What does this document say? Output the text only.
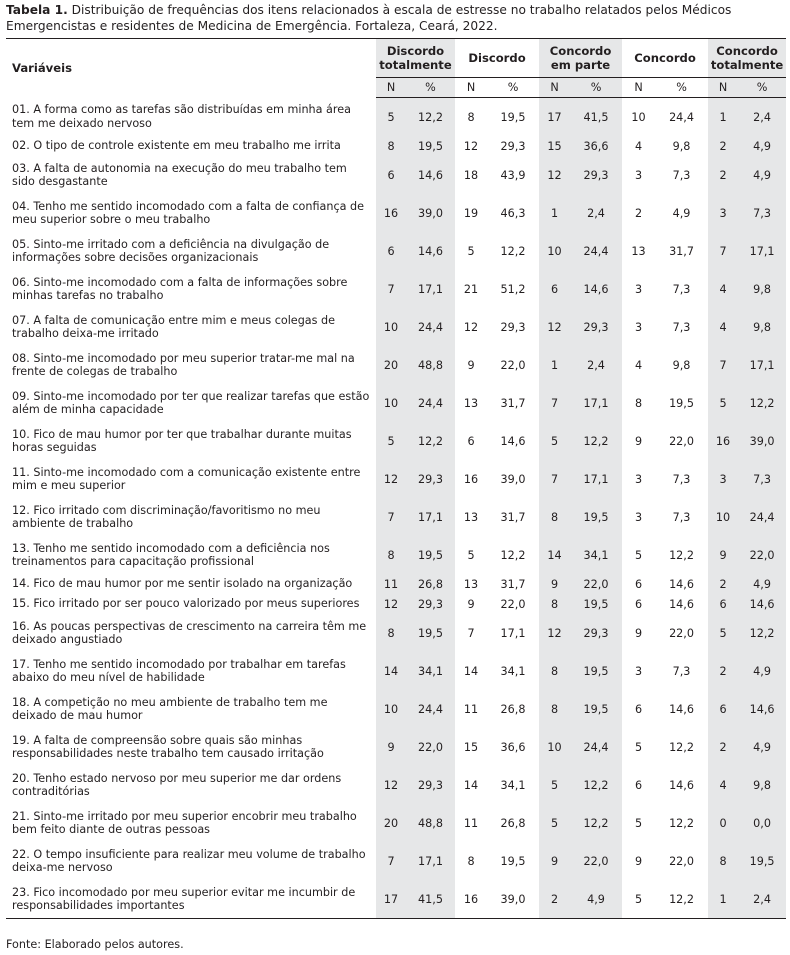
Tabela 1. Distribuição de frequências dos itens relacionados à escala de estresse no trabalho relatados pelos Médicos Emergencistas e residentes de Medicina de Emergência. Fortaleza, Ceará, 2022.
Variáveis	Discordo totalmente		Discordo		Concordo em parte		Concordo		Concordo totalmente	
	N	%	N	%	N	%	N	%	N	%
01. A forma como as tarefas são distribuídas em minha área tem me deixado nervoso	5	12,2	8	19,5	17	41,5	10	24,4	1	2,4
02. O tipo de controle existente em meu trabalho me irrita	8	19,5	12	29,3	15	36,6	4	9,8	2	4,9
03. A falta de autonomia na execução do meu trabalho tem sido desgastante	6	14,6	18	43,9	12	29,3	3	7,3	2	4,9
04. Tenho me sentido incomodado com a falta de confiança de meu superior sobre o meu trabalho	16	39,0	19	46,3	1	2,4	2	4,9	3	7,3
05. Sinto-me irritado com a deficiência na divulgação de informações sobre decisões organizacionais	6	14,6	5	12,2	10	24,4	13	31,7	7	17,1
06. Sinto-me incomodado com a falta de informações sobre minhas tarefas no trabalho	7	17,1	21	51,2	6	14,6	3	7,3	4	9,8
07. A falta de comunicação entre mim e meus colegas de trabalho deixa-me irritado	10	24,4	12	29,3	12	29,3	3	7,3	4	9,8
08. Sinto-me incomodado por meu superior tratar-me mal na frente de colegas de trabalho	20	48,8	9	22,0	1	2,4	4	9,8	7	17,1
09. Sinto-me incomodado por ter que realizar tarefas que estão além de minha capacidade	10	24,4	13	31,7	7	17,1	8	19,5	5	12,2
10. Fico de mau humor por ter que trabalhar durante muitas horas seguidas	5	12,2	6	14,6	5	12,2	9	22,0	16	39,0
11. Sinto-me incomodado com a comunicação existente entre mim e meu superior	12	29,3	16	39,0	7	17,1	3	7,3	3	7,3
12. Fico irritado com discriminação/favoritismo no meu ambiente de trabalho	7	17,1	13	31,7	8	19,5	3	7,3	10	24,4
13. Tenho me sentido incomodado com a deficiência nos treinamentos para capacitação profissional	8	19,5	5	12,2	14	34,1	5	12,2	9	22,0
14. Fico de mau humor por me sentir isolado na organização	11	26,8	13	31,7	9	22,0	6	14,6	2	4,9
15. Fico irritado por ser pouco valorizado por meus superiores	12	29,3	9	22,0	8	19,5	6	14,6	6	14,6
16. As poucas perspectivas de crescimento na carreira têm me deixado angustiado	8	19,5	7	17,1	12	29,3	9	22,0	5	12,2
17. Tenho me sentido incomodado por trabalhar em tarefas abaixo do meu nível de habilidade	14	34,1	14	34,1	8	19,5	3	7,3	2	4,9
18. A competição no meu ambiente de trabalho tem me deixado de mau humor	10	24,4	11	26,8	8	19,5	6	14,6	6	14,6
19. A falta de compreensão sobre quais são minhas responsabilidades neste trabalho tem causado irritação	9	22,0	15	36,6	10	24,4	5	12,2	2	4,9
20. Tenho estado nervoso por meu superior me dar ordens contraditórias	12	29,3	14	34,1	5	12,2	6	14,6	4	9,8
21. Sinto-me irritado por meu superior encobrir meu trabalho bem feito diante de outras pessoas	20	48,8	11	26,8	5	12,2	5	12,2	0	0,0
22. O tempo insuficiente para realizar meu volume de trabalho deixa-me nervoso	7	17,1	8	19,5	9	22,0	9	22,0	8	19,5
23. Fico incomodado por meu superior evitar me incumbir de responsabilidades importantes	17	41,5	16	39,0	2	4,9	5	12,2	1	2,4
Fonte: Elaborado pelos autores.
